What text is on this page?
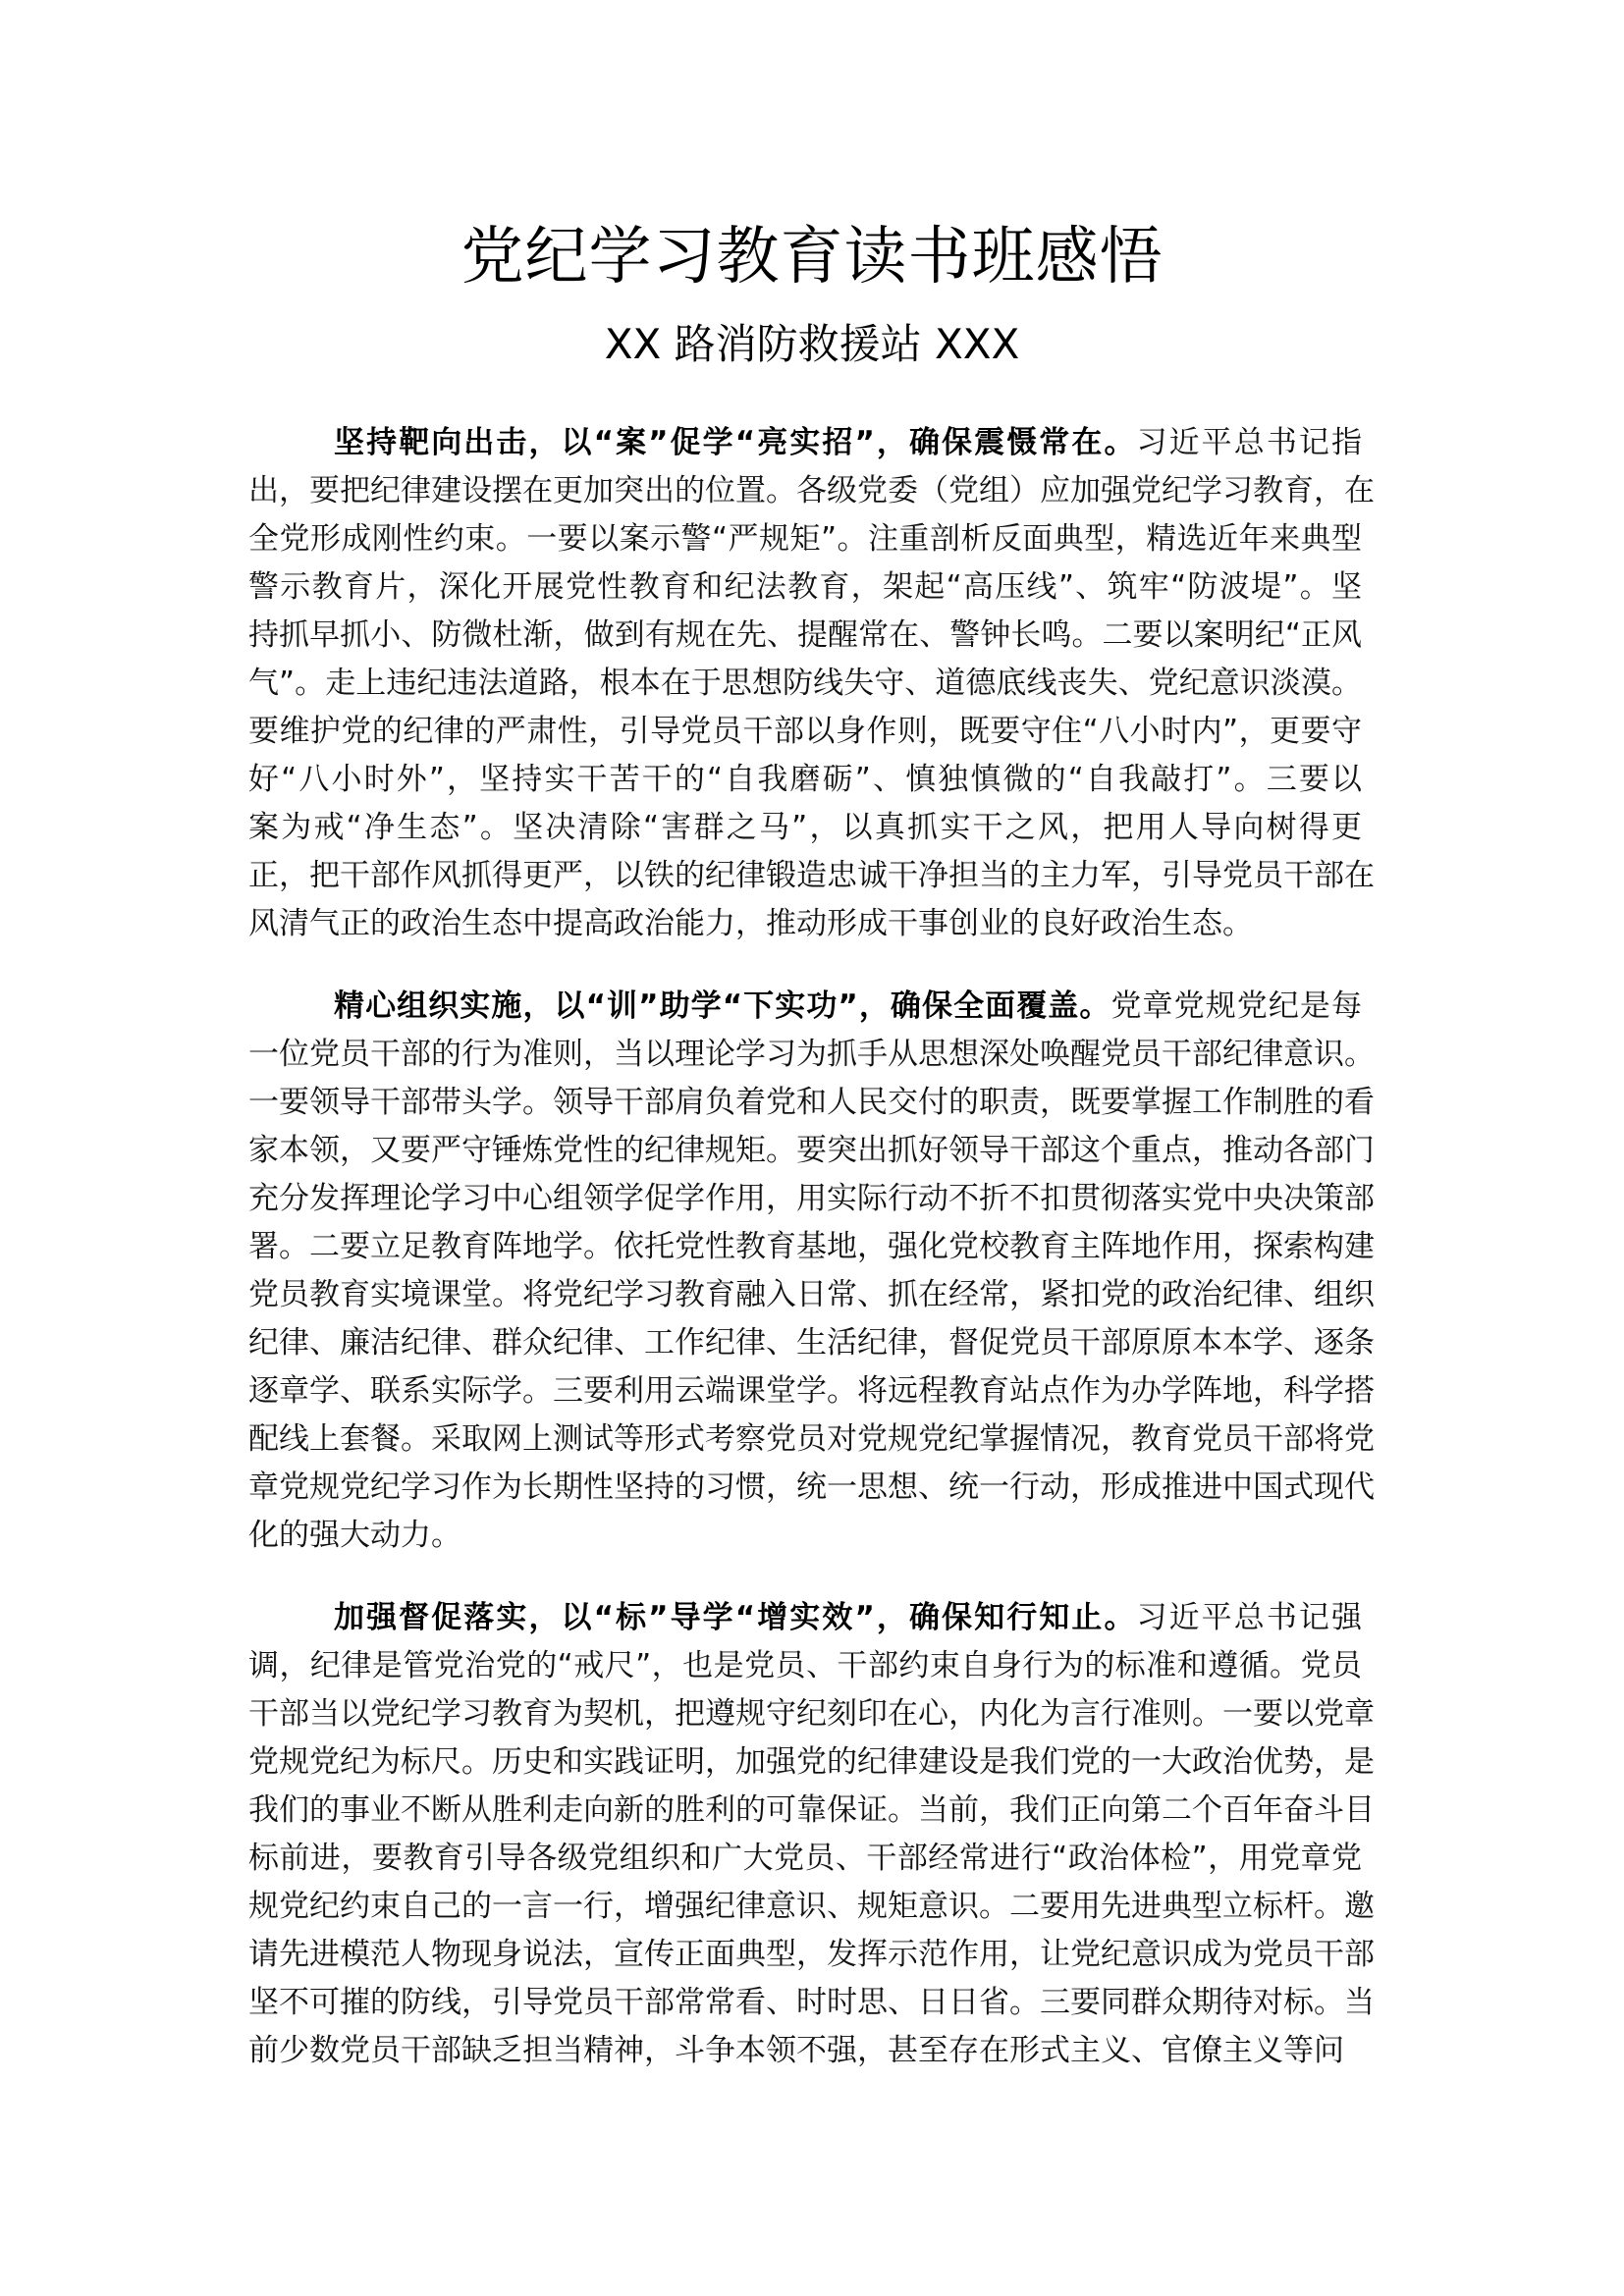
党纪学习教育读书班感悟
XX 路消防救援站 XXX
坚持靶向出击，以“案”促学“亮实招”，确保震慑常在。习近平总书记指
出，要把纪律建设摆在更加突出的位置。各级党委（党组）应加强党纪学习教育，在
全党形成刚性约束。一要以案示警“严规矩”。注重剖析反面典型，精选近年来典型
警示教育片，深化开展党性教育和纪法教育，架起“高压线”、筑牢“防波堤”。坚
持抓早抓小、防微杜渐，做到有规在先、提醒常在、警钟长鸣。二要以案明纪“正风
气”。走上违纪违法道路，根本在于思想防线失守、道德底线丧失、党纪意识淡漠。
要维护党的纪律的严肃性，引导党员干部以身作则，既要守住“八小时内”，更要守
好“八小时外”，坚持实干苦干的“自我磨砺”、慎独慎微的“自我敲打”。三要以
案为戒“净生态”。坚决清除“害群之马”，以真抓实干之风，把用人导向树得更
正，把干部作风抓得更严，以铁的纪律锻造忠诚干净担当的主力军，引导党员干部在
风清气正的政治生态中提高政治能力，推动形成干事创业的良好政治生态。
精心组织实施，以“训”助学“下实功”，确保全面覆盖。党章党规党纪是每
一位党员干部的行为准则，当以理论学习为抓手从思想深处唤醒党员干部纪律意识。
一要领导干部带头学。领导干部肩负着党和人民交付的职责，既要掌握工作制胜的看
家本领，又要严守锤炼党性的纪律规矩。要突出抓好领导干部这个重点，推动各部门
充分发挥理论学习中心组领学促学作用，用实际行动不折不扣贯彻落实党中央决策部
署。二要立足教育阵地学。依托党性教育基地，强化党校教育主阵地作用，探索构建
党员教育实境课堂。将党纪学习教育融入日常、抓在经常，紧扣党的政治纪律、组织
纪律、廉洁纪律、群众纪律、工作纪律、生活纪律，督促党员干部原原本本学、逐条
逐章学、联系实际学。三要利用云端课堂学。将远程教育站点作为办学阵地，科学搭
配线上套餐。采取网上测试等形式考察党员对党规党纪掌握情况，教育党员干部将党
章党规党纪学习作为长期性坚持的习惯，统一思想、统一行动，形成推进中国式现代
化的强大动力。
加强督促落实，以“标”导学“增实效”，确保知行知止。习近平总书记强
调，纪律是管党治党的“戒尺”，也是党员、干部约束自身行为的标准和遵循。党员
干部当以党纪学习教育为契机，把遵规守纪刻印在心，内化为言行准则。一要以党章
党规党纪为标尺。历史和实践证明，加强党的纪律建设是我们党的一大政治优势，是
我们的事业不断从胜利走向新的胜利的可靠保证。当前，我们正向第二个百年奋斗目
标前进，要教育引导各级党组织和广大党员、干部经常进行“政治体检”，用党章党
规党纪约束自己的一言一行，增强纪律意识、规矩意识。二要用先进典型立标杆。邀
请先进模范人物现身说法，宣传正面典型，发挥示范作用，让党纪意识成为党员干部
坚不可摧的防线，引导党员干部常常看、时时思、日日省。三要同群众期待对标。当
前少数党员干部缺乏担当精神，斗争本领不强，甚至存在形式主义、官僚主义等问
